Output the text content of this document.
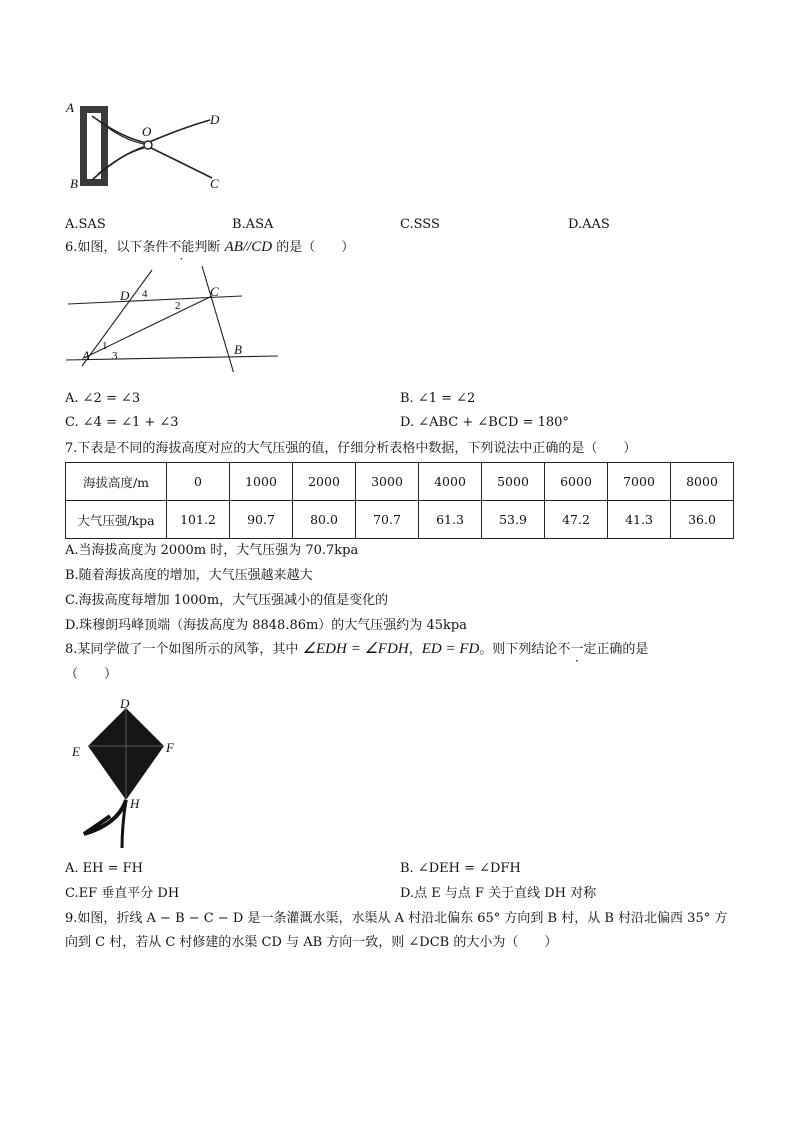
A
B
O
D
C
A.SAS	B.ASA	C.SSS	D.AAS
6.如图，以下条件不能判断 AB//CD 的是（　　）
D 4	C
2
1
A 3	B
A. ∠2 = ∠3	B. ∠1 = ∠2
C. ∠4 = ∠1 + ∠3	D. ∠ABC + ∠BCD = 180°
7.下表是不同的海拔高度对应的大气压强的值，仔细分析表格中数据，下列说法中正确的是（　　）
海拔高度/m	0	1000	2000	3000	4000	5000	6000	7000	8000
大气压强/kpa	101.2	90.7	80.0	70.7	61.3	53.9	47.2	41.3	36.0
A.当海拔高度为 2000m 时，大气压强为 70.7kpa
B.随着海拔高度的增加，大气压强越来越大
C.海拔高度每增加 1000m，大气压强减小的值是变化的
D.珠穆朗玛峰顶端（海拔高度为 8848.86m）的大气压强约为 45kpa
8.某同学做了一个如图所示的风筝，其中 ∠EDH = ∠FDH，ED = FD。则下列结论不一定正确的是
（　　）
D
E	F
H
A. EH = FH	B. ∠DEH = ∠DFH
C.EF 垂直平分 DH	D.点 E 与点 F 关于直线 DH 对称
9.如图，折线 A − B − C − D 是一条灌溉水渠，水渠从 A 村沿北偏东 65° 方向到 B 村，从 B 村沿北偏西 35° 方
向到 C 村，若从 C 村修建的水渠 CD 与 AB 方向一致，则 ∠DCB 的大小为（　　）
